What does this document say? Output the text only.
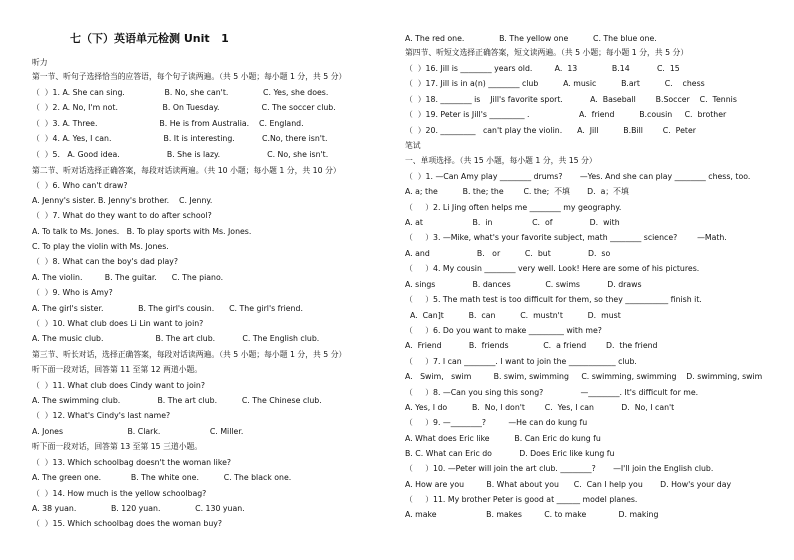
七（下）英语单元检测 Unit   1
听力
第一节、听句子选择恰当的应答语，每个句子读两遍。（共 5 小题；每小题 1 分，共 5 分）
（  ）1. A. She can sing.                B. No, she can't.              C. Yes, she does.
（  ）2. A. No, I'm not.                  B. On Tuesday.                 C. The soccer club.
（  ）3. A. Three.                         B. He is from Australia.    C. England.
（  ）4. A. Yes, I can.                     B. It is interesting.           C.No, there isn't.
（  ）5.   A. Good idea.                   B. She is lazy.                   C. No, she isn't.
第二节、听对话选择正确答案，每段对话读两遍。（共 10 小题；每小题 1 分，共 10 分）
（  ）6. Who can't draw?
A. Jenny's sister. B. Jenny's brother.    C. Jenny.
（  ）7. What do they want to do after school?
A. To talk to Ms. Jones.   B. To play sports with Ms. Jones.
C. To play the violin with Ms. Jones.
（  ）8. What can the boy's dad play?
A. The violin.         B. The guitar.      C. The piano.
（  ）9. Who is Amy?
A. The girl's sister.              B. The girl's cousin.      C. The girl's friend.
（  ）10. What club does Li Lin want to join?
A. The music club.                     B. The art club.           C. The English club.
第三节、听长对话，选择正确答案，每段对话读两遍。（共 5 小题；每小题 1 分，共 5 分）
听下面一段对话，回答第 11 至第 12 两道小题。
（  ）11. What club does Cindy want to join?
A. The swimming club.               B. The art club.          C. The Chinese club.
（  ）12. What's Cindy's last name?
A. Jones                          B. Clark.                    C. Miller.
听下面一段对话，回答第 13 至第 15 三道小题。
（  ）13. Which schoolbag doesn't the woman like?
A. The green one.            B. The white one.          C. The black one.
（  ）14. How much is the yellow schoolbag?
A. 38 yuan.              B. 120 yuan.              C. 130 yuan.
（  ）15. Which schoolbag does the woman buy?
A. The red one.              B. The yellow one          C. The blue one.
第四节、听短文选择正确答案，短文读两遍。（共 5 小题；每小题 1 分，共 5 分）
（  ）16. Jill is ________ years old.         A.  13              B.14           C.  15
（  ）17. Jill is in a(n) ________ club          A. music          B.art          C.    chess
（  ）18. ________ is    Jill's favorite sport.           A.  Baseball        B.Soccer    C.  Tennis
（  ）19. Peter is Jill's _________ .                    A.  friend          B.cousin     C.  brother
（  ）20. _________   can't play the violin.      A.  Jill          B.Bill        C.  Peter
笔试
一、单项选择。（共 15 小题，每小题 1 分，共 15 分）
（  ）1. —Can Amy play ________ drums?       —Yes. And she can play ________ chess, too.
A. a; the          B. the; the        C. the;  不填       D.  a；不填
（     ）2. Li Jing often helps me ________ my geography.
A. at                    B.  in                C.  of               D.  with
（     ）3. —Mike, what's your favorite subject, math ________ science?        —Math.
A. and                   B.   or          C.  but               D.  so
（     ）4. My cousin ________ very well. Look! Here are some of his pictures.
A. sings               B. dances              C. swims           D. draws
（     ）5. The math test is too difficult for them, so they ___________ finish it.
A.  Can]t          B.  can          C.  mustn't          D.  must
（     ）6. Do you want to make _________ with me?
A.  Friend           B.  friends              C.  a friend        D.  the friend
（     ）7. I can ________. I want to join the ____________ club.
A.   Swim,   swim         B. swim, swimming     C. swimming, swimming    D. swimming, swim
（     ）8. —Can you sing this song?               —________. It's difficult for me.
A. Yes, I do          B.  No, I don't        C.  Yes, I can           D.  No, I can't
（     ）9. —________?         —He can do kung fu
A. What does Eric like          B. Can Eric do kung fu
B. C. What can Eric do           D. Does Eric like kung fu
（     ）10. —Peter will join the art club. ________?       —I'll join the English club.
A. How are you         B. What about you      C.  Can I help you       D. How's your day
（     ）11. My brother Peter is good at ______ model planes.
A. make                    B. makes         C. to make             D. making
